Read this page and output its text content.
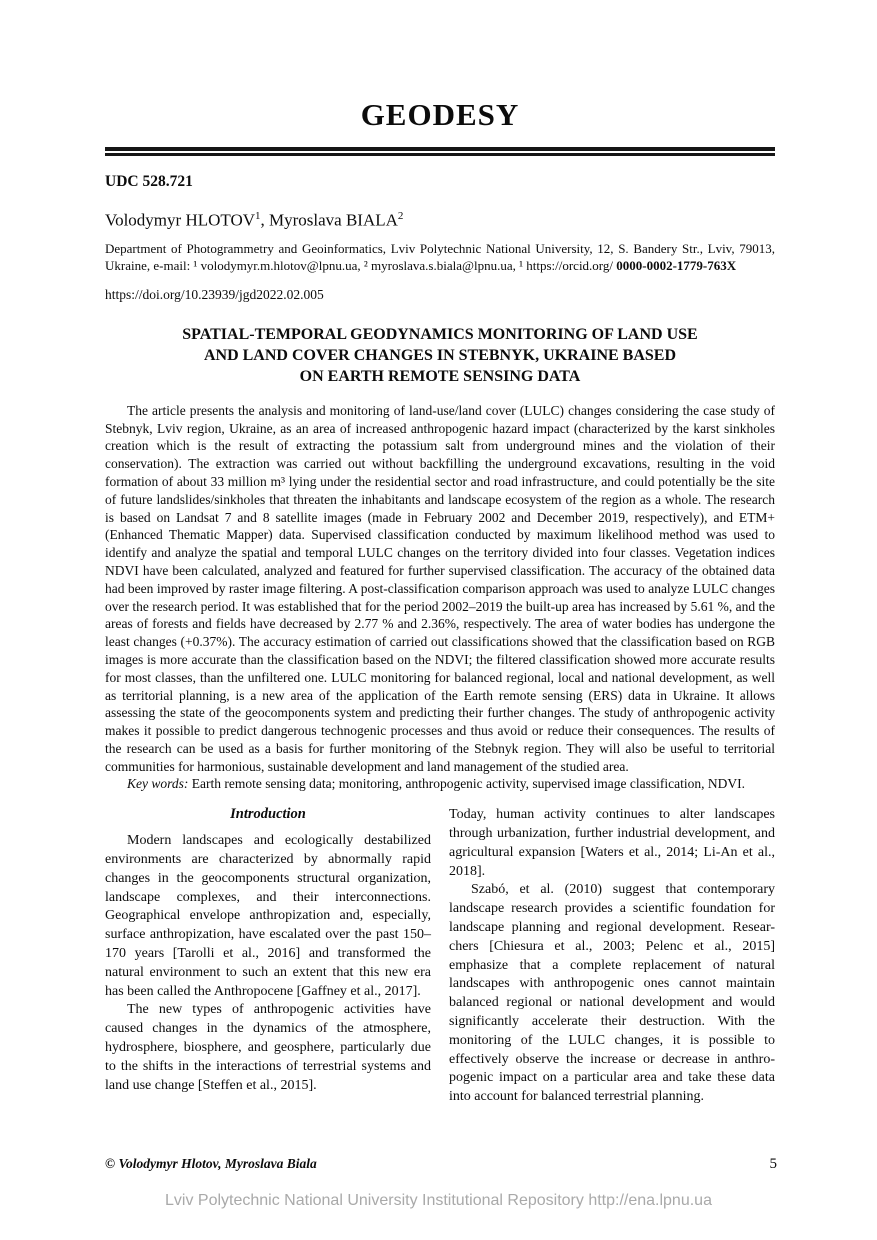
GEODESY
UDC 528.721
Volodymyr HLOTOV$^1$, Myroslava BIALA$^2$

Department of Photogrammetry and Geoinformatics, Lviv Polytechnic National University, 12, S. Bandery Str., Lviv, 79013, Ukraine, e-mail: ¹ volodymyr.m.hlotov@lpnu.ua, ² myroslava.s.biala@lpnu.ua, ¹ https://orcid.org/ 0000-0002-1779-763X

https://doi.org/10.23939/jgd2022.02.005

SPATIAL-TEMPORAL GEODYNAMICS MONITORING OF LAND USE
AND LAND COVER CHANGES IN STEBNYK, UKRAINE BASED
ON EARTH REMOTE SENSING DATA

The article presents the analysis and monitoring of land-use/land cover (LULC) changes considering the case study of Stebnyk, Lviv region, Ukraine, as an area of increased anthropogenic hazard impact (characterized by the karst sinkholes creation which is the result of extracting the potassium salt from underground mines and the violation of their conservation). The extraction was carried out without backfilling the underground excavations, resulting in the void formation of about 33 million m³ lying under the residential sector and road infrastructure, and could potentially be the site of future landslides/sinkholes that threaten the inhabitants and landscape ecosystem of the region as a whole. The research is based on Landsat 7 and 8 satellite images (made in February 2002 and December 2019, respectively), and ETM+ (Enhanced Thematic Mapper) data. Supervised classification conducted by maximum likelihood method was used to identify and analyze the spatial and temporal LULC changes on the territory divided into four classes. Vegetation indices NDVI have been calculated, analyzed and featured for further supervised classification. The accuracy of the obtained data had been improved by raster image filtering. A post-classification comparison approach was used to analyze LULC changes over the research period. It was established that for the period 2002–2019 the built-up area has increased by 5.61 %, and the areas of forests and fields have decreased by 2.77 % and 2.36%, respectively. The area of water bodies has undergone the least changes (+0.37%). The accuracy estimation of carried out classifications showed that the classification based on RGB images is more accurate than the classification based on the NDVI; the filtered classification showed more accurate results for most classes, than the unfiltered one. LULC monitoring for balanced regional, local and national development, as well as territorial planning, is a new area of the application of the Earth remote sensing (ERS) data in Ukraine. It allows assessing the state of the geocomponents system and predicting their further changes. The study of anthropogenic activity makes it possible to predict dangerous technogenic processes and thus avoid or reduce their consequences. The results of the research can be used as a basis for further monitoring of the Stebnyk region. They will also be useful to territorial communities for harmonious, sustainable development and land management of the studied area.

Key words: Earth remote sensing data; monitoring, anthropogenic activity, supervised image classification, NDVI.

Introduction

Modern landscapes and ecologically destabilized environments are characterized by abnormally rapid changes in the geocomponents structural organization, landscape complexes, and their interconnections. Geographical envelope anthropization and, especially, surface anthropization, have escalated over the past 150–170 years [Tarolli et al., 2016] and transformed the natural environment to such an extent that this new era has been called the Anthropocene [Gaffney et al., 2017].

The new types of anthropogenic activities have caused changes in the dynamics of the atmosphere, hydrosphere, biosphere, and geosphere, particularly due to the shifts in the interactions of terrestrial systems and land use change [Steffen et al., 2015].

Today, human activity continues to alter landscapes through urbanization, further industrial development, and agricultural expansion [Waters et al., 2014; Li-An et al., 2018].

Szabó, et al. (2010) suggest that contemporary landscape research provides a scientific foundation for landscape planning and regional development. Resear-chers [Chiesura et al., 2003; Pelenc et al., 2015] emphasize that a complete replacement of natural landscapes with anthropogenic ones cannot maintain balanced regional or national development and would significantly accelerate their destruction. With the monitoring of the LULC changes, it is possible to effectively observe the increase or decrease in anthro-pogenic impact on a particular area and take these data into account for balanced terrestrial planning.

© Volodymyr Hlotov, Myroslava Biala	5
Lviv Polytechnic National University Institutional Repository http://ena.lpnu.ua
